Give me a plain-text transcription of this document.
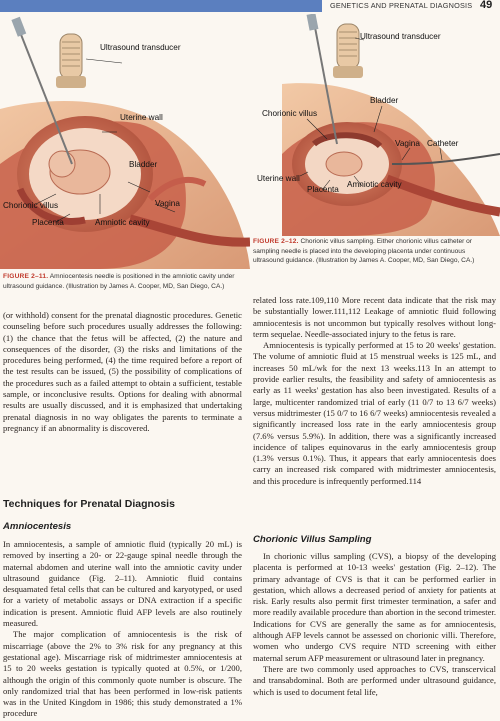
GENETICS AND PRENATAL DIAGNOSIS 49
Ultrasound transducer
Uterine wall
Bladder
Vagina
Chorionic villus
Placenta	Amniotic cavity
Ultrasound transducer
Bladder
Chorionic villus
Vagina Catheter
Uterine wall
Placenta
Amniotic cavity

FIGURE 2–11. Amniocentesis needle is positioned in the amniotic cavity under ultrasound guidance. (Illustration by James A. Cooper, MD, San Diego, CA.)

FIGURE 2–12. Chorionic villus sampling. Either chorionic villus catheter or sampling needle is placed into the developing placenta under continuous ultrasound guidance. (Illustration by James A. Cooper, MD, San Diego, CA.)

(or withhold) consent for the prenatal diagnostic procedures. Genetic counseling before such procedures usually addresses the following: (1) the chance that the fetus will be affected, (2) the nature and consequences of the disorder, (3) the risks and limitations of the procedures being performed, (4) the time required before a report of the test results can be issued, (5) the possibility of complications of the procedures such as a failed attempt to obtain a sufficient, testable sample, or inconclusive results. Options for dealing with abnormal results are usually discussed, and it is emphasized that undertaking prenatal diagnosis in no way obligates the parents to terminate a pregnancy if an abnormality is discovered.

Techniques for Prenatal Diagnosis
Amniocentesis

In amniocentesis, a sample of amniotic fluid (typically 20 mL) is removed by inserting a 20- or 22-gauge spinal needle through the maternal abdomen and uterine wall into the amniotic cavity under ultrasound guidance (Fig. 2–11). Amniotic fluid contains desquamated fetal cells that can be cultured and karyotyped, or used for a variety of metabolic assays or DNA extraction if a specific indication is present. Amniotic fluid AFP levels are also routinely measured.

The major complication of amniocentesis is the risk of miscarriage (above the 2% to 3% risk for any pregnancy at this gestational age). Miscarriage risk of midtrimester amniocentesis at 15 to 20 weeks gestation is typically quoted at 0.5%, or 1/200, although the origin of this commonly quote number is obscure. The only randomized trial that has been performed in low-risk patients was in the United Kingdom in 1986; this study demonstrated a 1% procedure

related loss rate.109,110 More recent data indicate that the risk may be substantially lower.111,112 Leakage of amniotic fluid following amniocentesis is not uncommon but typically resolves without long-term sequelae. Needle-associated injury to the fetus is rare.

Amniocentesis is typically performed at 15 to 20 weeks' gestation. The volume of amniotic fluid at 15 menstrual weeks is 125 mL, and increases 50 mL/wk for the next 13 weeks.113 In an attempt to provide earlier results, the feasibility and safety of amniocentesis as early as 11 weeks' gestation has also been investigated. Results of a large, multicenter randomized trial of early (11 0/7 to 13 6/7 weeks) versus midtrimester (15 0/7 to 16 6/7 weeks) amniocentesis revealed a significantly increased loss rate in the early amniocentesis group (7.6% versus 5.9%). In addition, there was a significantly increased incidence of talipes equinovarus in the early amniocentesis group (1.3% versus 0.1%). Thus, it appears that early amniocentesis does carry an increased risk compared with midtrimester amniocentesis, and this procedure is infrequently performed.114

Chorionic Villus Sampling

In chorionic villus sampling (CVS), a biopsy of the developing placenta is performed at 10-13 weeks' gestation (Fig. 2–12). The primary advantage of CVS is that it can be performed earlier in gestation, which allows a decreased period of anxiety for patients at risk. Early results also permit first trimester termination, a safer and more readily available procedure than abortion in the second trimester. Indications for CVS are generally the same as for amniocentesis, although AFP levels cannot be assessed on chorionic villi. Therefore, women who undergo CVS require NTD screening with either maternal serum AFP measurement or ultrasound later in pregnancy.

There are two commonly used approaches to CVS, transcervical and transabdominal. Both are performed under ultrasound guidance, which is used to document fetal life,
